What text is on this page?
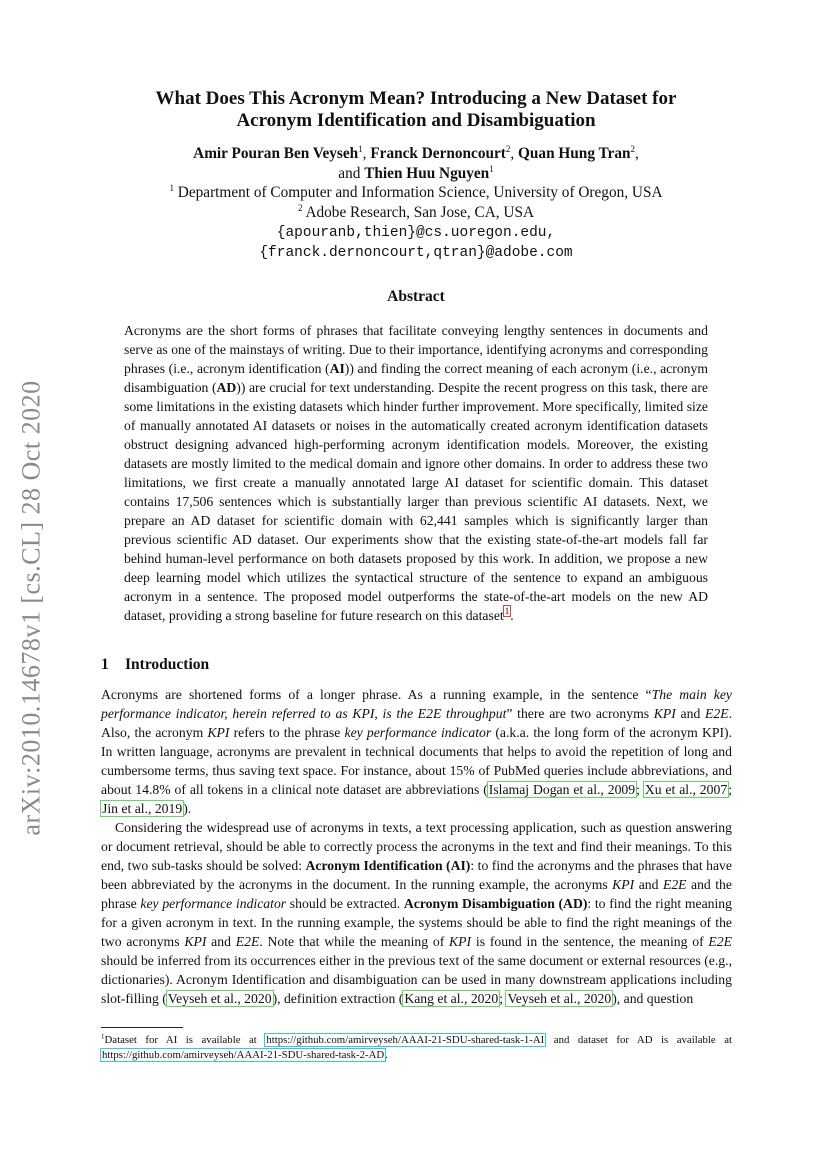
arXiv:2010.14678v1 [cs.CL] 28 Oct 2020
What Does This Acronym Mean? Introducing a New Dataset for
Acronym Identification and Disambiguation
Amir Pouran Ben Veyseh$^1$, Franck Dernoncourt$^2$, Quan Hung Tran$^2$,
and Thien Huu Nguyen$^1$
$^1$ Department of Computer and Information Science, University of Oregon, USA
$^2$ Adobe Research, San Jose, CA, USA
{apouranb,thien}@cs.uoregon.edu,
{franck.dernoncourt,qtran}@adobe.com
Abstract

Acronyms are the short forms of phrases that facilitate conveying lengthy sentences in documents and serve as one of the mainstays of writing. Due to their importance, identifying acronyms and corresponding phrases (i.e., acronym identification (AI)) and finding the correct meaning of each acronym (i.e., acronym disambiguation (AD)) are crucial for text understanding. Despite the recent progress on this task, there are some limitations in the existing datasets which hinder further improvement. More specifically, limited size of manually annotated AI datasets or noises in the automatically created acronym identification datasets obstruct designing advanced high-performing acronym identification models. Moreover, the existing datasets are mostly limited to the medical domain and ignore other domains. In order to address these two limitations, we first create a manually annotated large AI dataset for scientific domain. This dataset contains 17,506 sentences which is substantially larger than previous scientific AI datasets. Next, we prepare an AD dataset for scientific domain with 62,441 samples which is significantly larger than previous scientific AD dataset. Our experiments show that the existing state-of-the-art models fall far behind human-level performance on both datasets proposed by this work. In addition, we propose a new deep learning model which utilizes the syntactical structure of the sentence to expand an ambiguous acronym in a sentence. The proposed model outperforms the state-of-the-art models on the new AD dataset, providing a strong baseline for future research on this dataset$^1$.

1 Introduction

Acronyms are shortened forms of a longer phrase. As a running example, in the sentence “The main key performance indicator, herein referred to as KPI, is the E2E throughput” there are two acronyms KPI and E2E. Also, the acronym KPI refers to the phrase key performance indicator (a.k.a. the long form of the acronym KPI). In written language, acronyms are prevalent in technical documents that helps to avoid the repetition of long and cumbersome terms, thus saving text space. For instance, about 15% of PubMed queries include abbreviations, and about 14.8% of all tokens in a clinical note dataset are abbreviations (Islamaj Dogan et al., 2009; Xu et al., 2007; Jin et al., 2019).

Considering the widespread use of acronyms in texts, a text processing application, such as question answering or document retrieval, should be able to correctly process the acronyms in the text and find their meanings. To this end, two sub-tasks should be solved: Acronym Identification (AI): to find the acronyms and the phrases that have been abbreviated by the acronyms in the document. In the running example, the acronyms KPI and E2E and the phrase key performance indicator should be extracted. Acronym Disambiguation (AD): to find the right meaning for a given acronym in text. In the running example, the systems should be able to find the right meanings of the two acronyms KPI and E2E. Note that while the meaning of KPI is found in the sentence, the meaning of E2E should be inferred from its occurrences either in the previous text of the same document or external resources (e.g., dictionaries). Acronym Identification and disambiguation can be used in many downstream applications including slot-filling (Veyseh et al., 2020), definition extraction (Kang et al., 2020; Veyseh et al., 2020), and question

$^1$Dataset for AI is available at https://github.com/amirveyseh/AAAI-21-SDU-shared-task-1-AI and dataset for AD is available at https://github.com/amirveyseh/AAAI-21-SDU-shared-task-2-AD.
